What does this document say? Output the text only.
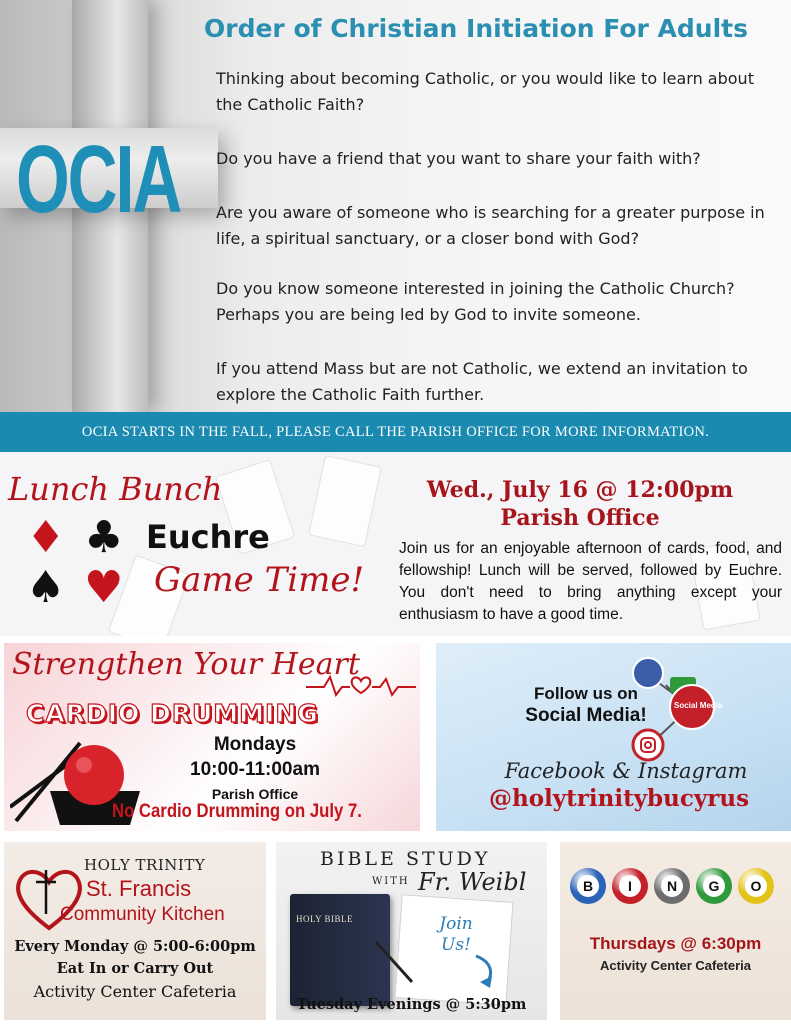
Order of Christian Initiation For Adults
OCIA

Thinking about becoming Catholic, or you would like to learn about the Catholic Faith?

Do you have a friend that you want to share your faith with?

Are you aware of someone who is searching for a greater purpose in life, a spiritual sanctuary, or a closer bond with God?

Do you know someone interested in joining the Catholic Church? Perhaps you are being led by God to invite someone.

If you attend Mass but are not Catholic, we extend an invitation to explore the Catholic Faith further.

OCIA STARTS IN THE FALL, PLEASE CALL THE PARISH OFFICE FOR MORE INFORMATION.
Lunch Bunch
♦ ♣
♠ ♥
Euchre
Game Time!
Wed., July 16 @ 12:00pm
Parish Office

Join us for an enjoyable afternoon of cards, food, and fellowship! Lunch will be served, followed by Euchre. You don't need to bring anything except your enthusiasm to have a good time.

Strengthen Your Heart
CARDIO DRUMMING
Mondays
10:00-11:00am
Parish Office
No Cardio Drumming on July 7.
Follow us on
Social Media!	Social Media
Facebook & Instagram
@holytrinitybucyrus
HOLY TRINITY
St. Francis
Community Kitchen
Every Monday @ 5:00-6:00pm
Eat In or Carry Out
Activity Center Cafeteria
BIBLE STUDY
WITH Fr. Weibl
HOLY BIBLE	Join Us!
Tuesday Evenings @ 5:30pm
B	I	N	G	O
Thursdays @ 6:30pm
Activity Center Cafeteria
